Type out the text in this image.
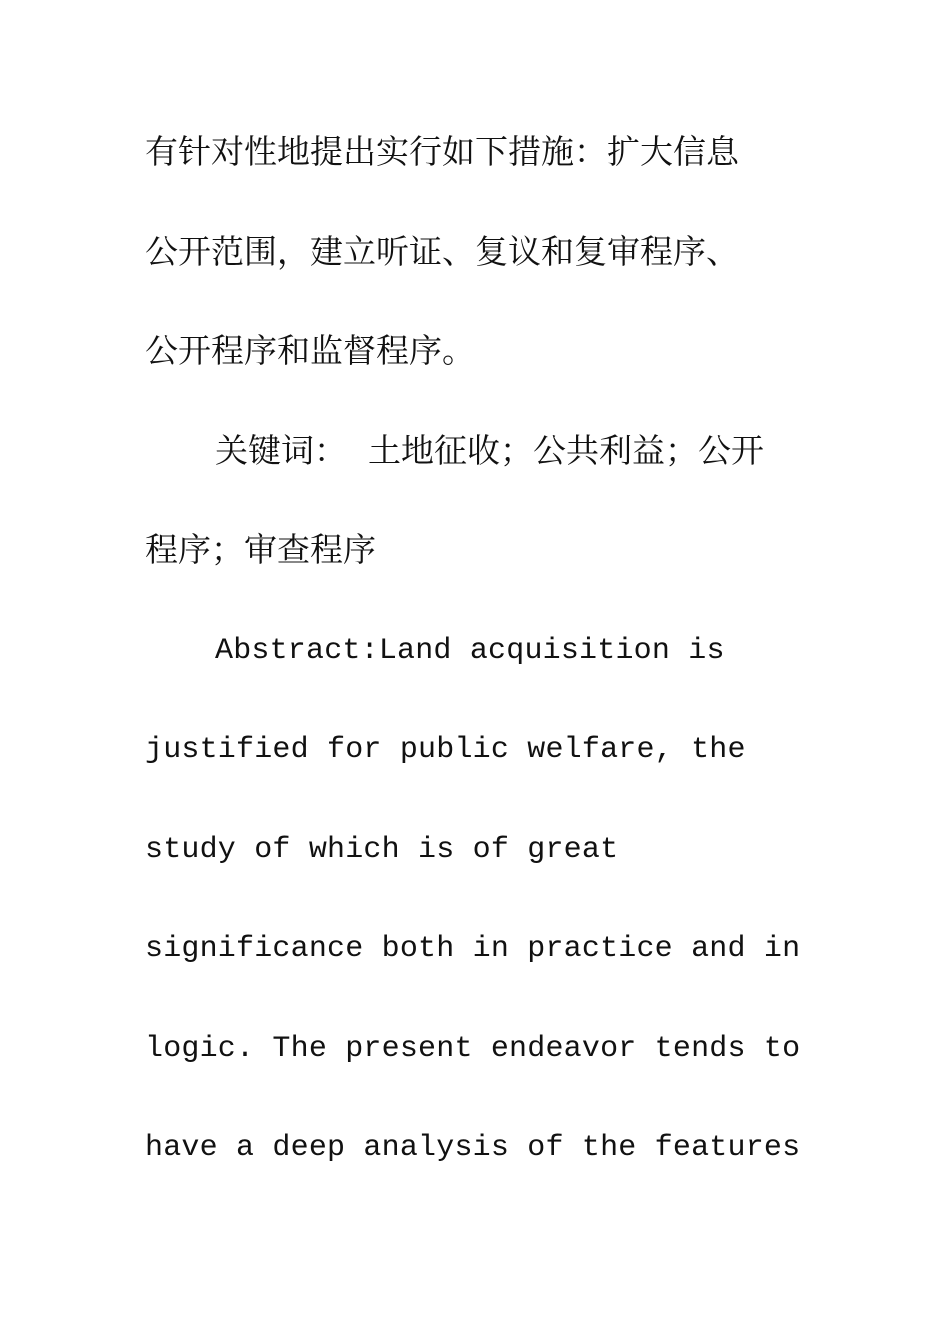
有针对性地提出实行如下措施：扩大信息
公开范围，建立听证、复议和复审程序、
公开程序和监督程序。
关键词：  土地征收；公共利益；公开
程序；审查程序
Abstract:Land acquisition is
justified for public welfare, the
study of which is of great
significance both in practice and in
logic. The present endeavor tends to
have a deep analysis of the features
